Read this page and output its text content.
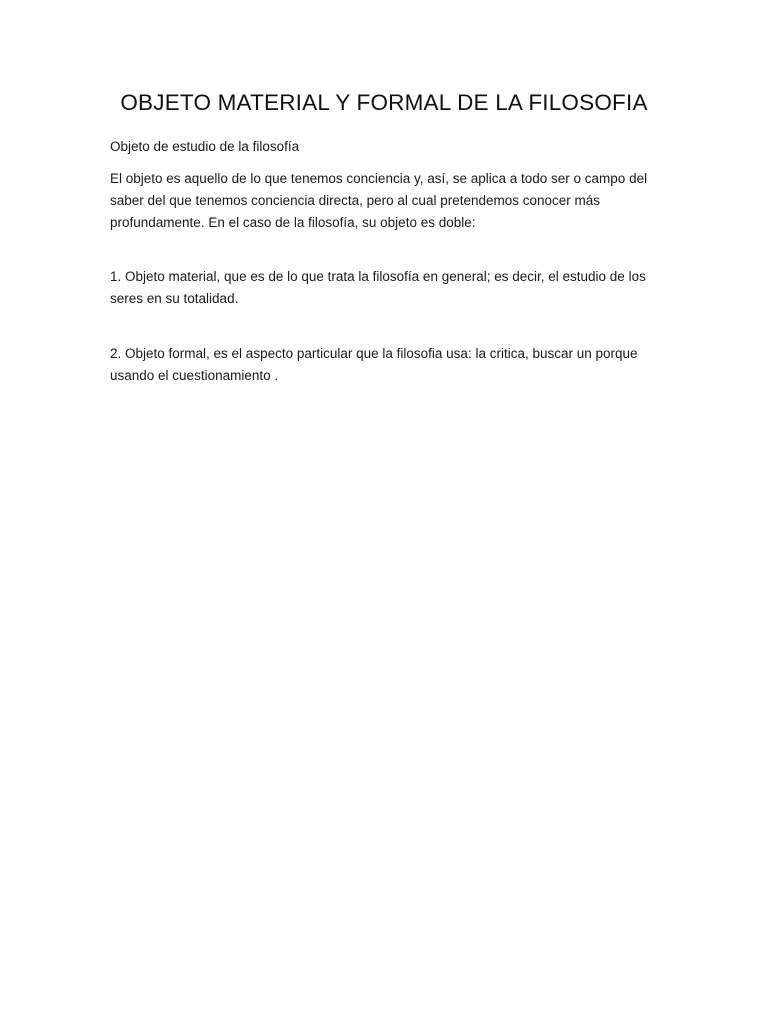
OBJETO MATERIAL Y FORMAL DE LA FILOSOFIA

Objeto de estudio de la filosofía

El objeto es aquello de lo que tenemos conciencia y, así, se aplica a todo ser o campo del saber del que tenemos conciencia directa, pero al cual pretendemos conocer más profundamente. En el caso de la filosofía, su objeto es doble:

1. Objeto material, que es de lo que trata la filosofía en general; es decir, el estudio de los seres en su totalidad.

2. Objeto formal, es el aspecto particular que la filosofia usa: la critica, buscar un porque usando el cuestionamiento .
